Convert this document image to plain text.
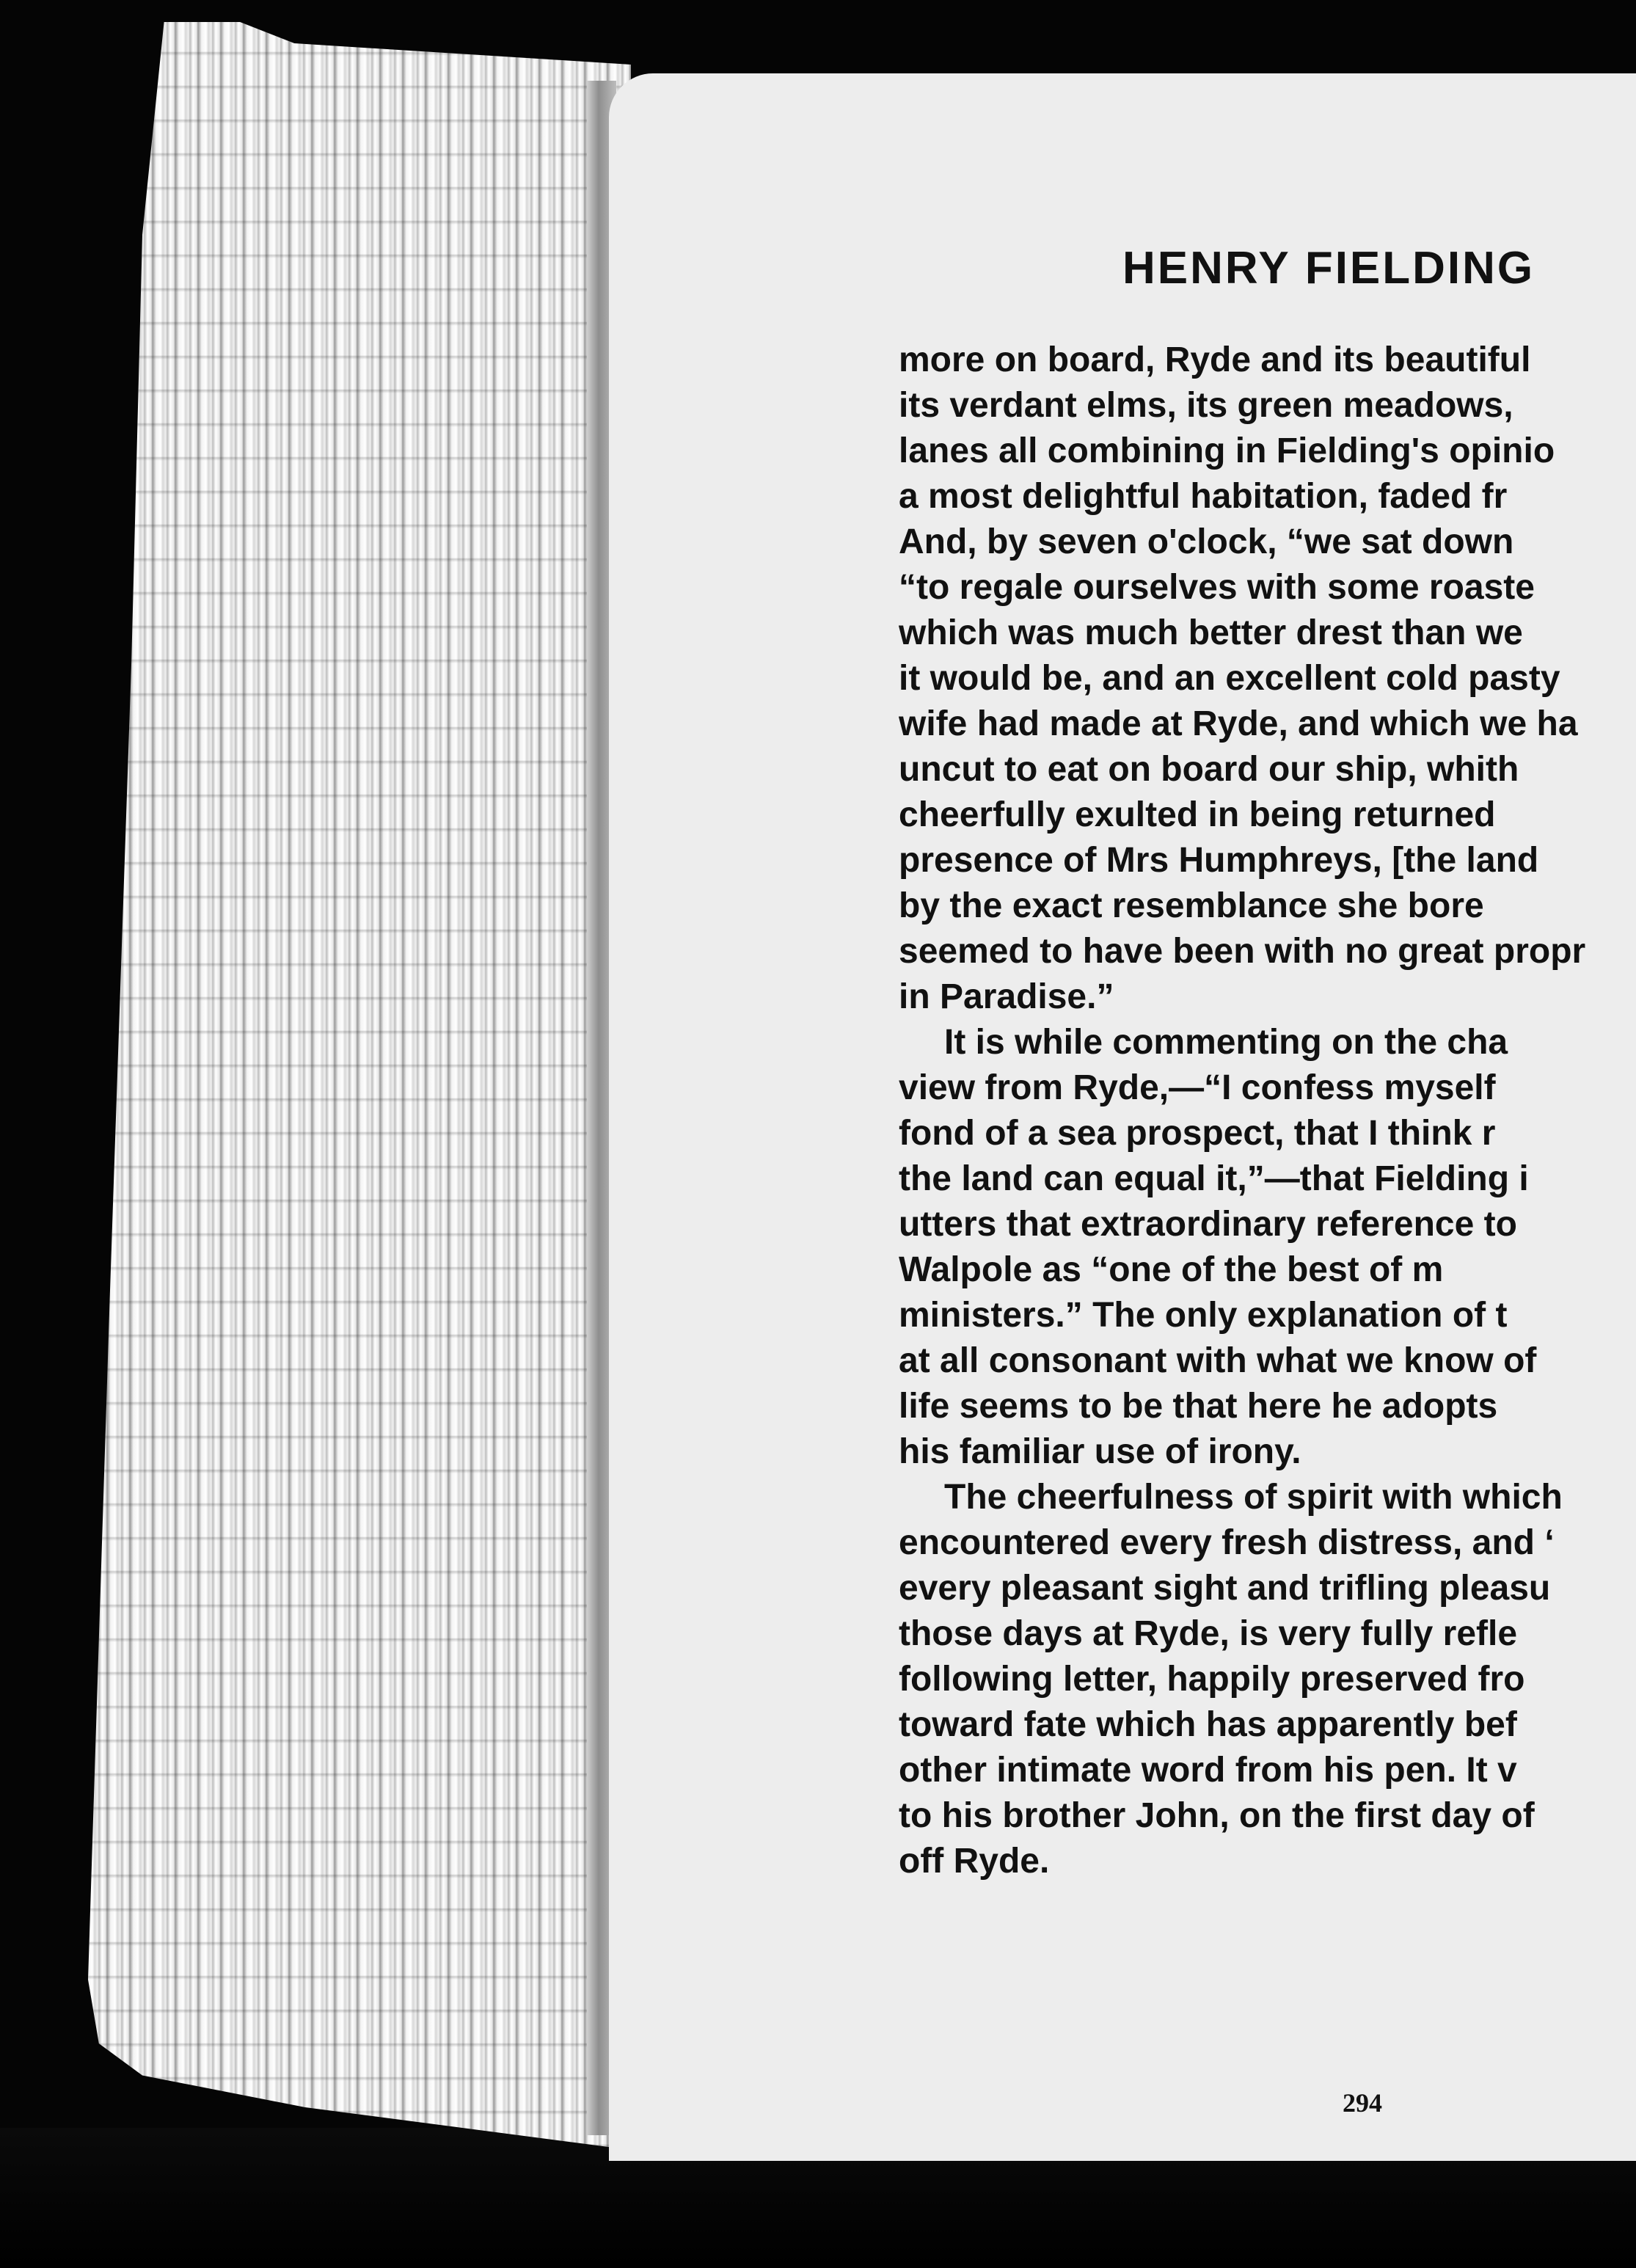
HENRY FIELDING
more on board, Ryde and its beautiful
its verdant elms, its green meadows,
lanes all combining in Fielding's opinio
a most delightful habitation, faded fr
And, by seven o'clock, “we sat down
“to regale ourselves with some roaste
which was much better drest than we
it would be, and an excellent cold pasty
wife had made at Ryde, and which we ha
uncut to eat on board our ship, whith
cheerfully exulted in being returned
presence of Mrs Humphreys, [the land
by the exact resemblance she bore
seemed to have been with no great propr
in Paradise.”
It is while commenting on the cha
view from Ryde,—“I confess myself
fond of a sea prospect, that I think r
the land can equal it,”—that Fielding i
utters that extraordinary reference to
Walpole as “one of the best of m
ministers.” The only explanation of t
at all consonant with what we know of
life seems to be that here he adopts
his familiar use of irony.
The cheerfulness of spirit with which
encountered every fresh distress, and ‘
every pleasant sight and trifling pleasu
those days at Ryde, is very fully refle
following letter, happily preserved fro
toward fate which has apparently bef
other intimate word from his pen. It v
to his brother John, on the first day of
off Ryde.

294
